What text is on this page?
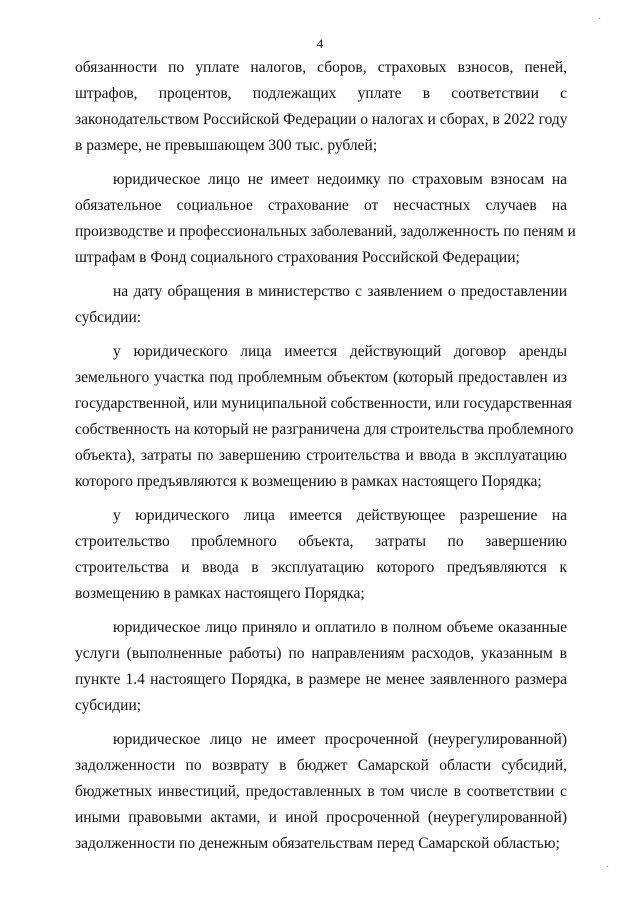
4

обязанности по уплате налогов, сборов, страховых взносов, пеней,
штрафов, процентов, подлежащих уплате в соответствии с
законодательством Российской Федерации о налогах и сборах, в 2022 году
в размере, не превышающем 300 тыс. рублей;

юридическое лицо не имеет недоимку по страховым взносам на
обязательное социальное страхование от несчастных случаев на
производстве и профессиональных заболеваний, задолженность по пеням и
штрафам в Фонд социального страхования Российской Федерации;

на дату обращения в министерство с заявлением о предоставлении
субсидии:

у юридического лица имеется действующий договор аренды
земельного участка под проблемным объектом (который предоставлен из
государственной, или муниципальной собственности, или государственная
собственность на который не разграничена для строительства проблемного
объекта), затраты по завершению строительства и ввода в эксплуатацию
которого предъявляются к возмещению в рамках настоящего Порядка;

у юридического лица имеется действующее разрешение на
строительство проблемного объекта, затраты по завершению
строительства и ввода в эксплуатацию которого предъявляются к
возмещению в рамках настоящего Порядка;

юридическое лицо приняло и оплатило в полном объеме оказанные
услуги (выполненные работы) по направлениям расходов, указанным в
пункте 1.4 настоящего Порядка, в размере не менее заявленного размера
субсидии;

юридическое лицо не имеет просроченной (неурегулированной)
задолженности по возврату в бюджет Самарской области субсидий,
бюджетных инвестиций, предоставленных в том числе в соответствии с
иными правовыми актами, и иной просроченной (неурегулированной)
задолженности по денежным обязательствам перед Самарской областью;

·
·
